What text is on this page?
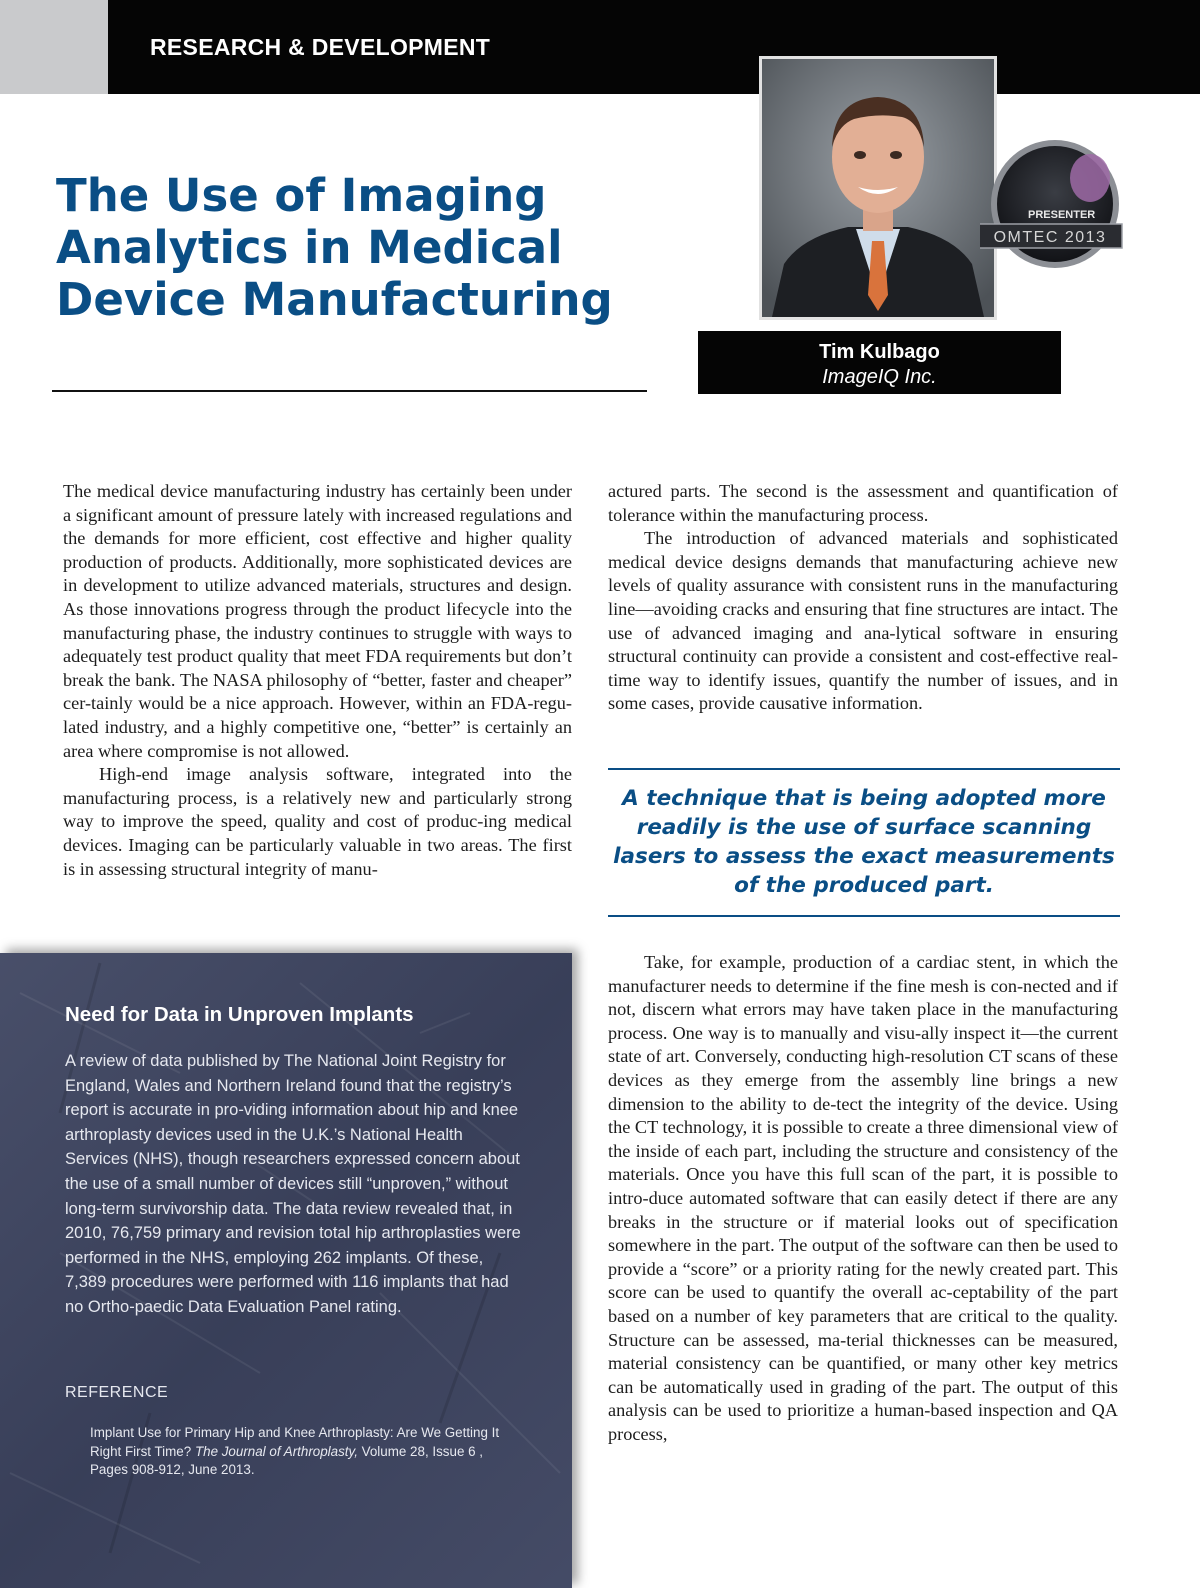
RESEARCH & DEVELOPMENT
The Use of Imaging
Analytics in Medical
Device Manufacturing
PRESENTER
OMTEC 2013
Tim Kulbago
ImageIQ Inc.

The medical device manufacturing industry has certainly been under a significant amount of pressure lately with increased regulations and the demands for more efficient, cost effective and higher quality production of products. Additionally, more sophisticated devices are in development to utilize advanced materials, structures and design. As those innovations progress through the product lifecycle into the manufacturing phase, the industry continues to struggle with ways to adequately test product quality that meet FDA requirements but don’t break the bank. The NASA philosophy of “better, faster and cheaper” cer-tainly would be a nice approach. However, within an FDA-regu-lated industry, and a highly competitive one, “better” is certainly an area where compromise is not allowed.

High-end image analysis software, integrated into the manufacturing process, is a relatively new and particularly strong way to improve the speed, quality and cost of produc-ing medical devices. Imaging can be particularly valuable in two areas. The first is in assessing structural integrity of manu-

actured parts. The second is the assessment and quantification of tolerance within the manufacturing process.

The introduction of advanced materials and sophisticated medical device designs demands that manufacturing achieve new levels of quality assurance with consistent runs in the manufacturing line—avoiding cracks and ensuring that fine structures are intact. The use of advanced imaging and ana-lytical software in ensuring structural continuity can provide a consistent and cost-effective real-time way to identify issues, quantify the number of issues, and in some cases, provide causative information.

A technique that is being adopted more readily is the use of surface scanning lasers to assess the exact measurements of the produced part.

Take, for example, production of a cardiac stent, in which the manufacturer needs to determine if the fine mesh is con-nected and if not, discern what errors may have taken place in the manufacturing process. One way is to manually and visu-ally inspect it—the current state of art. Conversely, conducting high-resolution CT scans of these devices as they emerge from the assembly line brings a new dimension to the ability to de-tect the integrity of the device. Using the CT technology, it is possible to create a three dimensional view of the inside of each part, including the structure and consistency of the materials. Once you have this full scan of the part, it is possible to intro-duce automated software that can easily detect if there are any breaks in the structure or if material looks out of specification somewhere in the part. The output of the software can then be used to provide a “score” or a priority rating for the newly created part. This score can be used to quantify the overall ac-ceptability of the part based on a number of key parameters that are critical to the quality. Structure can be assessed, ma-terial thicknesses can be measured, material consistency can be quantified, or many other key metrics can be automatically used in grading of the part. The output of this analysis can be used to prioritize a human-based inspection and QA process,

Need for Data in Unproven Implants

A review of data published by The National Joint Registry for England, Wales and Northern Ireland found that the registry’s report is accurate in pro-viding information about hip and knee arthroplasty devices used in the U.K.’s National Health Services (NHS), though researchers expressed concern about the use of a small number of devices still “unproven,” without long-term survivorship data. The data review revealed that, in 2010, 76,759 primary and revision total hip arthroplasties were performed in the NHS, employing 262 implants. Of these, 7,389 procedures were performed with 116 implants that had no Ortho-paedic Data Evaluation Panel rating.

REFERENCE

Implant Use for Primary Hip and Knee Arthroplasty: Are We Getting It Right First Time? The Journal of Arthroplasty, Volume 28, Issue 6 , Pages 908-912, June 2013.
